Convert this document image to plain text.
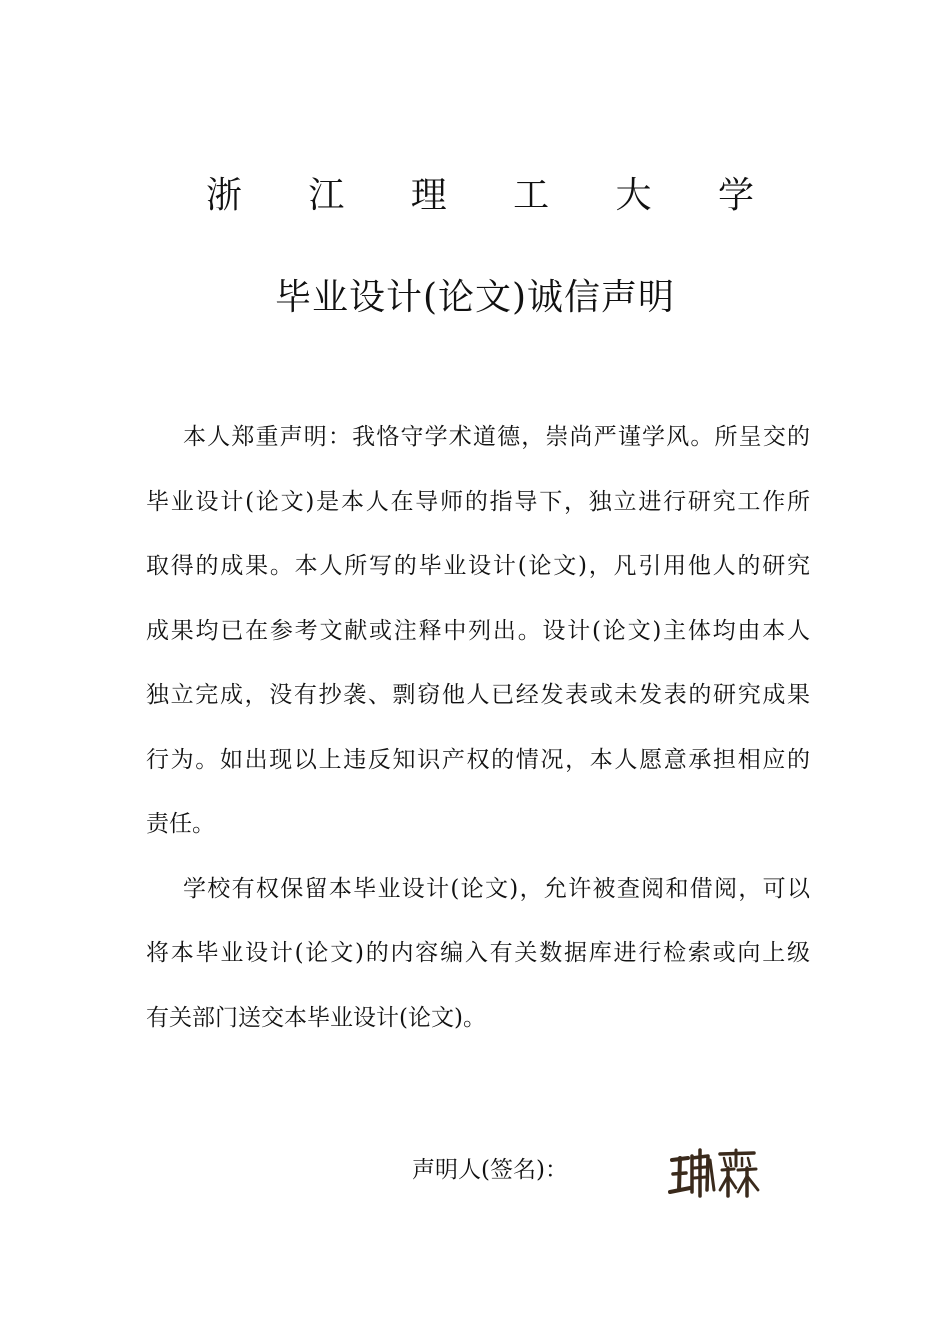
浙 江 理 工 大 学
毕业设计(论文)诚信声明
本人郑重声明：我恪守学术道德，崇尚严谨学风。所呈交的
毕业设计(论文)是本人在导师的指导下，独立进行研究工作所
取得的成果。本人所写的毕业设计(论文)，凡引用他人的研究
成果均已在参考文献或注释中列出。设计(论文)主体均由本人
独立完成，没有抄袭、剽窃他人已经发表或未发表的研究成果
行为。如出现以上违反知识产权的情况，本人愿意承担相应的
责任。
学校有权保留本毕业设计(论文)，允许被查阅和借阅，可以
将本毕业设计(论文)的内容编入有关数据库进行检索或向上级
有关部门送交本毕业设计(论文)。
声明人(签名)：
